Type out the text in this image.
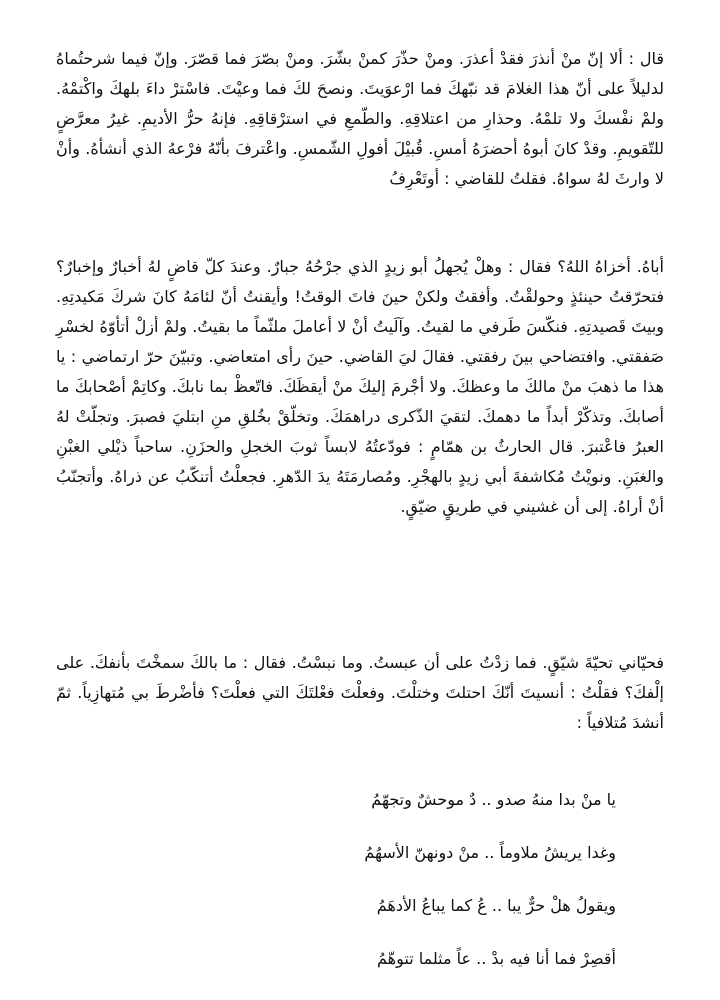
قال : ألا إنّ منْ أنذرَ فقدْ أعذرَ. ومنْ حذّرَ كمنْ بشّرَ. ومنْ بصّرَ فما قصّرَ. وإنّ فيما شرحتُماهُ لدليلاً على أنّ هذا الغلامَ قد نبّهكَ فما ارْعوَيتَ. ونصحَ لكَ فما وعيْتَ. فاسْترْ داءَ بلهكَ واكْتمْهُ. ولمْ نفْسكَ ولا تلمْهُ. وحذارِ من اعتلاقِهِ. والطّمعِ في استرْقاقِهِ. فإنهُ حرُّ الأديمِ. غيرُ معرَّضٍ للتّقويمِ. وقدْ كانَ أبوهُ أحضرَهُ أمسِ. قُبيْلَ أفولِ الشّمسِ. واعْترفَ بأنّهُ فرْعهُ الذي أنشأهُ. وأنْ لا وارثَ لهُ سواهُ. فقلتُ للقاضي : أوتَعْرِفُ

أباهُ. أخزاهُ اللهُ؟ فقال : وهلْ يُجهلُ أبو زيدٍ الذي جرْحُهُ جبارٌ. وعندَ كلّ قاضٍ لهُ أخبارٌ وإخبارٌ؟ فتحرّقتُ حينئذٍ وحولقْتُ. وأفقتُ ولكنْ حينَ فاتَ الوقتُ! وأيقنتُ أنّ لئامَهُ كانَ شركَ مَكيدتِهِ. وبيتَ قَصيدتِهِ. فنكّسَ طَرفي ما لقيتُ. وآلَيتُ أنْ لا أعاملَ ملثّماً ما بقيتُ. ولمْ أزلْ أتأوّهُ لخسْرِ صَفقتي. وافتضاحي بينَ رفقتي. فقالَ ليَ القاضي. حينَ رأى امتعاضي. وتبيّنَ حرّ ارتماضي : يا هذا ما ذهبَ منْ مالكَ ما وعظكَ. ولا أجْرمَ إليكَ منْ أيقظَكَ. فاتّعظْ بما نابكَ. وكاتِمْ أصْحابكَ ما أصابكَ. وتذكّرْ أبداً ما دهمكَ. لتقيَ الذّكرى دراهمَكَ. وتخلّقْ بخُلقِ منِ ابتليَ فصبرَ. وتجلّتْ لهُ العبرُ فاعْتبرَ. قال الحارثُ بن همّامٍ : فودّعتُهُ لابساً ثوبَ الخجلِ والحزَنِ. ساحباً ذيْلي الغبْنِ والغبَنِ. ونويْتُ مُكاشفةَ أبي زيدٍ بالهجْرِ. ومُصارمَتَهُ يدَ الدّهرِ. فجعلْتُ أتنكّبُ عن ذراهُ. وأتجنّبُ أنْ أراهُ. إلى أن غشيني في طريقٍ ضيّقٍ.

فحيّاني تحيّةَ شيّقٍ. فما زدْتُ على أن عبستُ. وما نبسْتُ. فقال : ما بالكَ سمخْتَ بأنفكَ. على إلْفكَ؟ فقلْتُ : أنسيتَ أنّكَ احتلتَ وختلْتَ. وفعلْتَ فعْلتَكَ التي فعلْتَ؟ فأضْرطَ بي مُتهازِياً. ثمّ أنشدَ مُتلافياً :

يا منْ بدا منهُ صدو .. دٌ موحشٌ وتجهّمُ
وغدا يريشُ ملاوماً .. منْ دونهنّ الأسهُمُ
ويقولُ هلْ حرٌّ يبا .. عُ كما يباعُ الأدهَمُ
أقصِرْ فما أنا فيه بدْ .. عاً مثلما تتوهّمُ
